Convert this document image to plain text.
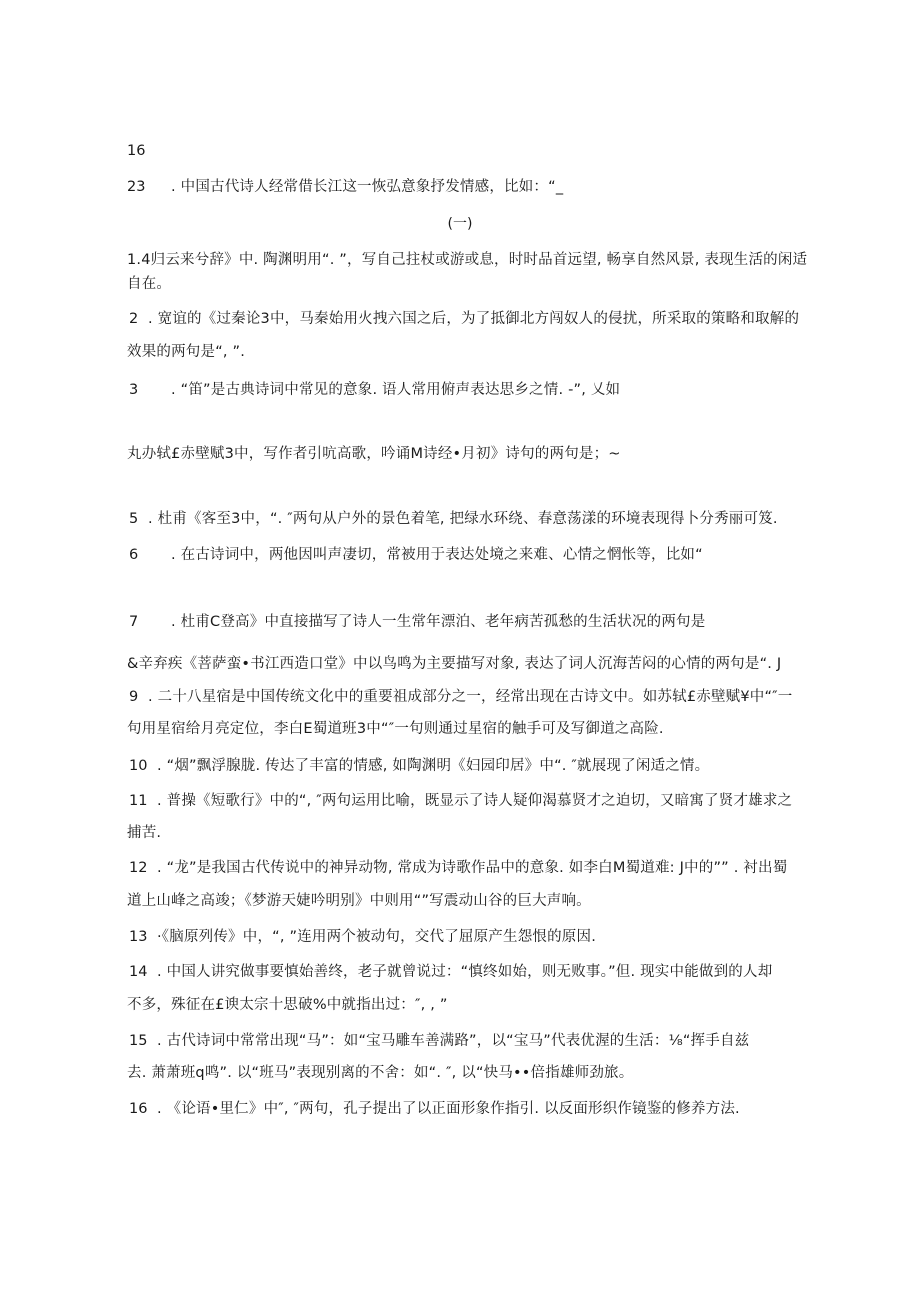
16
23 . 中国古代诗人经常借长江这一恢弘意象抒发情感，比如：“_
(一)
1.4归云来兮辞》中. 陶渊明用“. ”，写自己拄杖或游或息，时时品首远望, 畅享自然风景, 表现生活的闲适
自在。
2 . 宽谊的《过秦论3中，马秦始用火拽六国之后，为了抵御北方闯奴人的侵扰，所采取的策略和取解的
效果的两句是“, ”.
3 . “笛”是古典诗词中常见的意象. 语人常用俯声表达思乡之情. -”, 乂如
丸办轼£赤壁赋3中，写作者引吭高歌，吟诵M诗经•月初》诗句的两句是；~
5 . 杜甫《客至3中，“. ″两句从户外的景色着笔, 把绿水环绕、春意荡漾的环境表现得卜分秀丽可笈.
6 . 在古诗词中，两他因叫声凄切，常被用于表达处境之来难、心情之惘怅等，比如“
7 . 杜甫C登高》中直接描写了诗人一生常年漂泊、老年病苦孤愁的生活状况的两句是
&辛弃疾《菩萨蛮•书江西造口堂》中以鸟鸣为主要描写对象, 表达了词人沉海苦闷的心情的两句是“. J
9 . 二十八星宿是中国传统文化中的重要祖成部分之一，经常出现在古诗文中。如苏轼£赤壁赋¥中“″一
句用星宿给月亮定位，李白E蜀道班3中“″一句则通过星宿的触手可及写御道之高险.
10 . “烟”飘浮腺胧. 传达了丰富的情感, 如陶渊明《妇园印居》中“. ″就展现了闲适之情。
11 . 普操《短歌行》中的“, ″两句运用比喻，既显示了诗人疑仰渴慕贤才之迫切，又暗寓了贤才雄求之
捕苦.
12 . “龙”是我国古代传说中的神异动物, 常成为诗歌作品中的意象. 如李白M蜀道难: J中的”” . 衬出蜀
道上山峰之高竣；《梦游天婕吟明别》中则用“”写震动山谷的巨大声响。
13 ·《脑原列传》中，“, ”连用两个被动句，交代了屈原产生怨恨的原因.
14 . 中国人讲究做事要慎始善终，老子就曾说过：“慎终如始，则无败事。”但. 现实中能做到的人却
不多，殊征在£谀太宗十思破%中就指出过：″, , ”
15 . 古代诗词中常常出现“马”：如“宝马雕车善满路”，以“宝马”代表优渥的生活：⅛“挥手自兹
去. 萧萧班q鸣”. 以“班马”表现别离的不舍：如“. ″, 以“快马••倍指雄师劲旅。
16 . 《论语•里仁》中″, ″两句，孔子提出了以正面形象作指引. 以反面形织作镜鉴的修养方法.
